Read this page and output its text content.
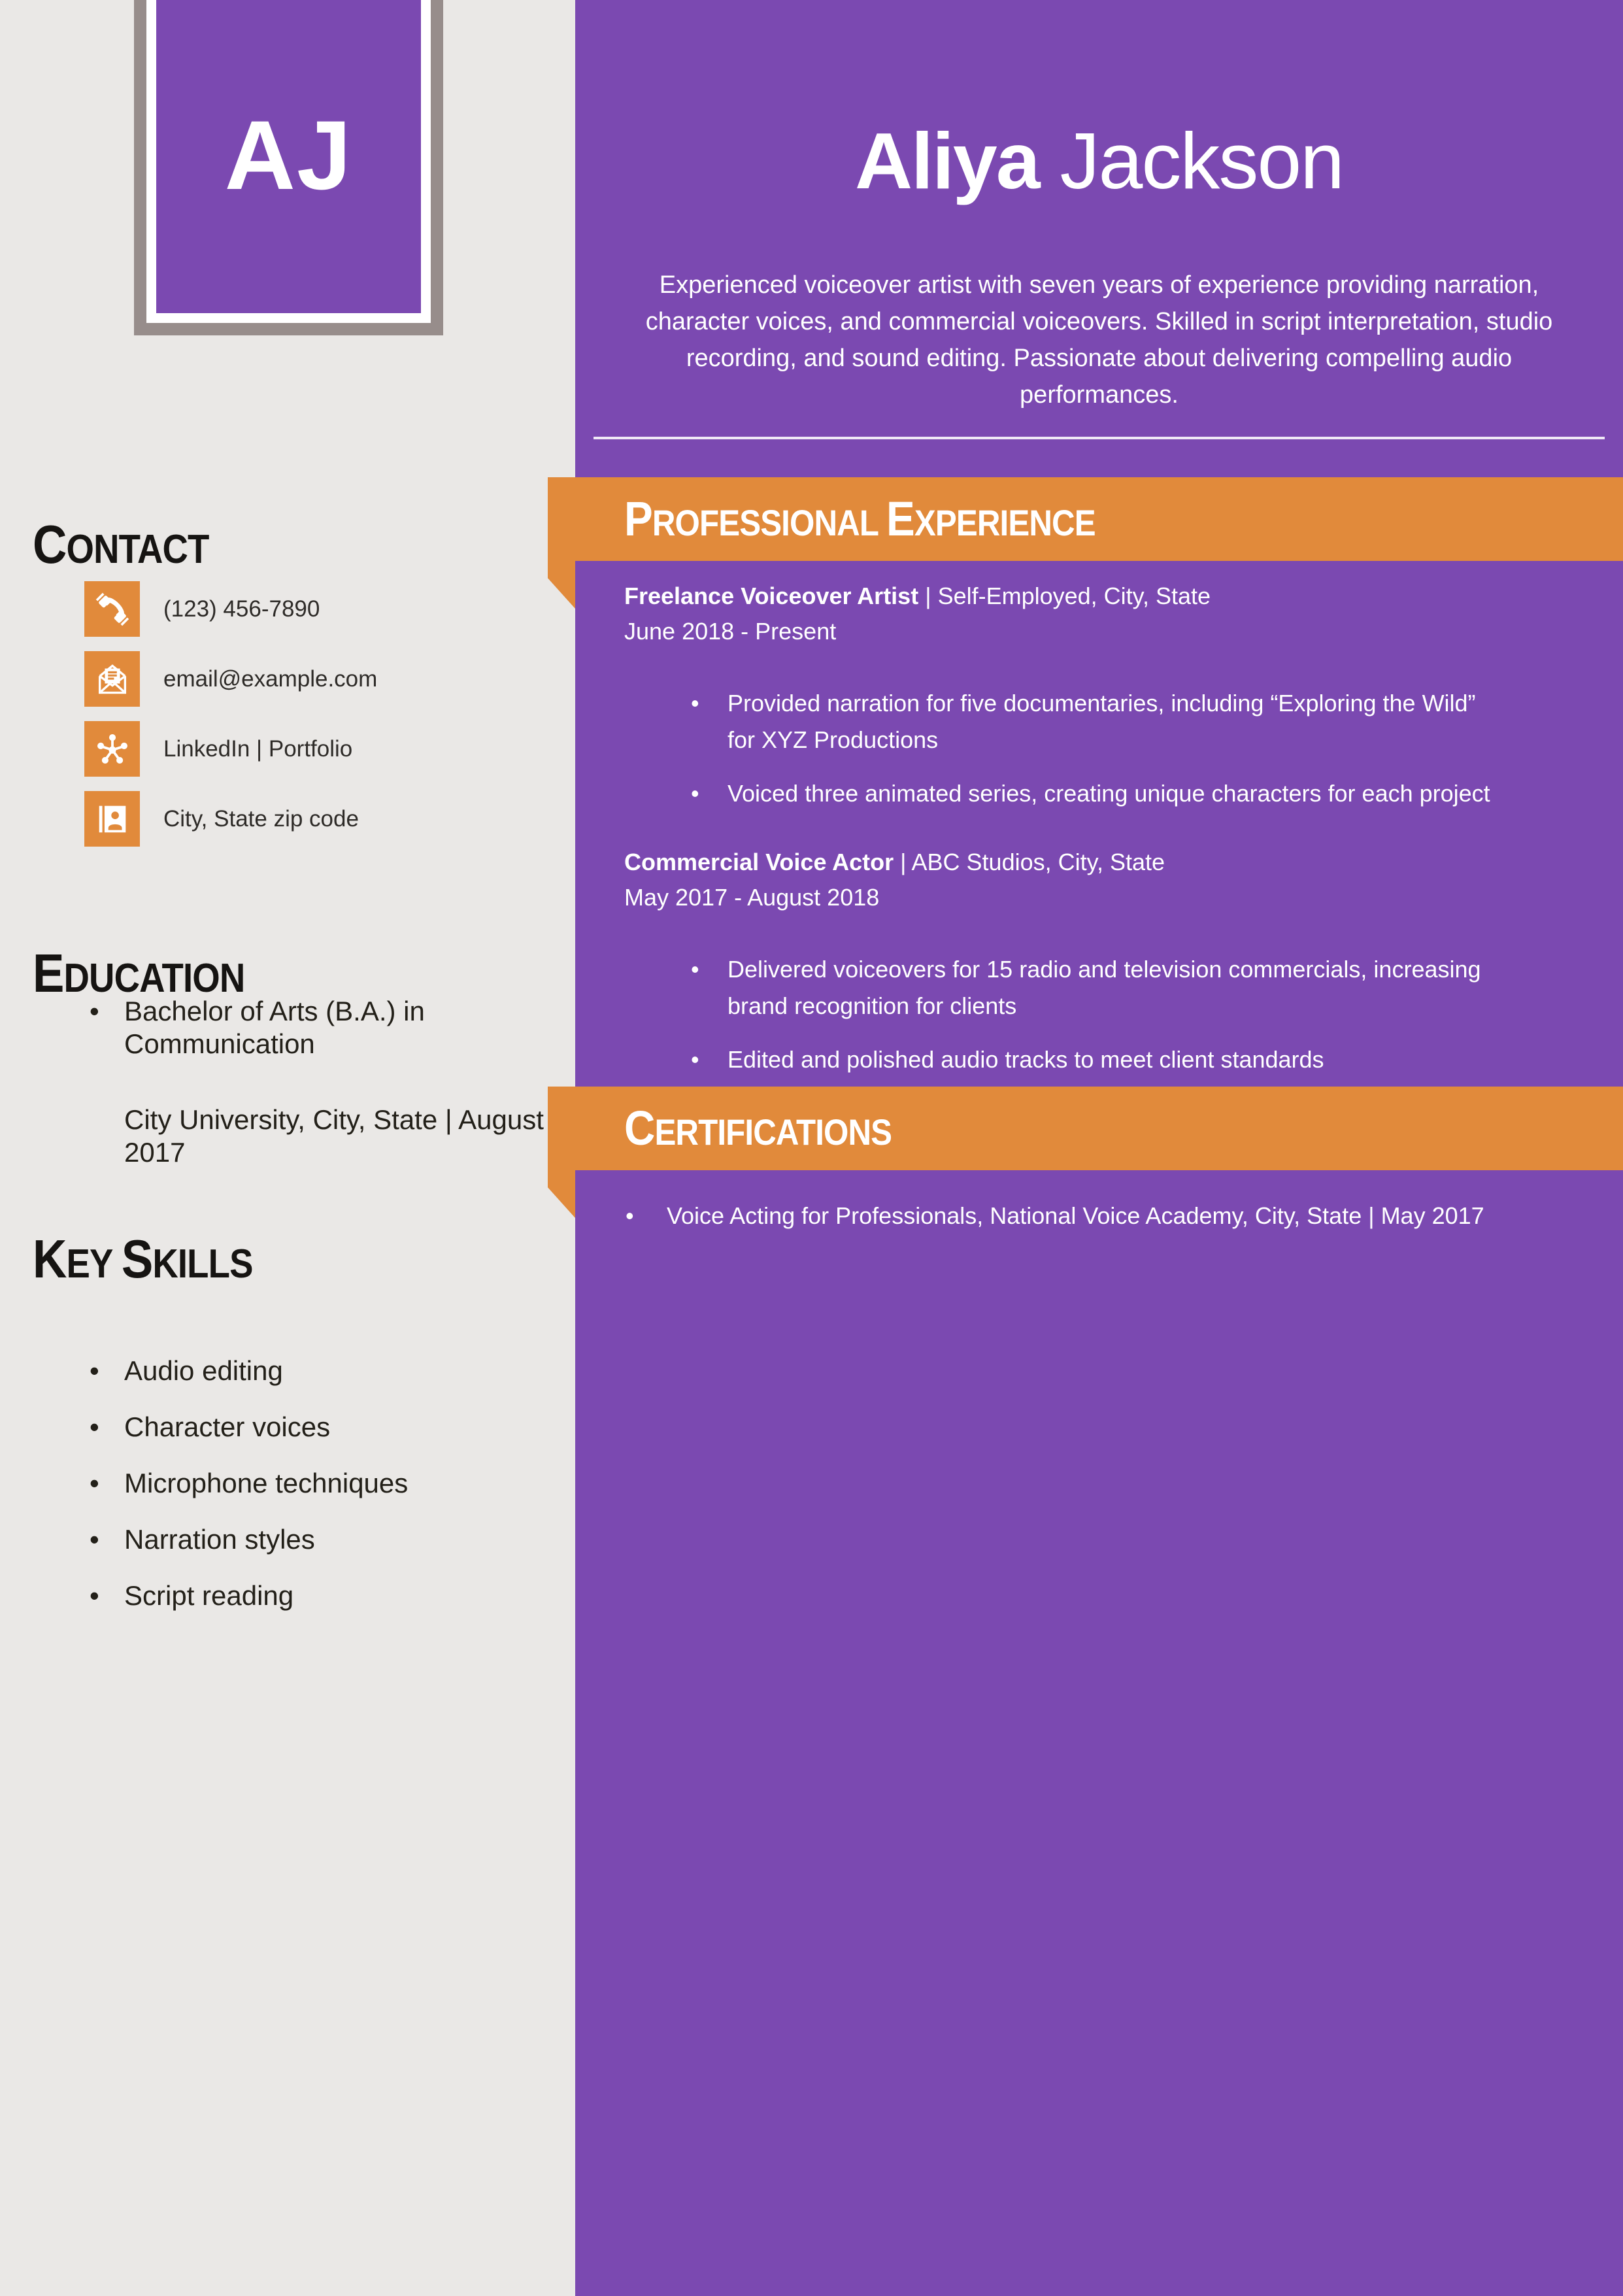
AJ
CONTACT
(123) 456-7890
email@example.com
LinkedIn | Portfolio
City, State zip code
EDUCATION
• Bachelor of Arts (B.A.) in Communication

City University, City, State | August 2017

KEY SKILLS
• Audio editing
• Character voices
• Microphone techniques
• Narration styles
• Script reading
Aliya Jackson

Experienced voiceover artist with seven years of experience providing narration, character voices, and commercial voiceovers. Skilled in script interpretation, studio recording, and sound editing. Passionate about delivering compelling audio performances.

PROFESSIONAL EXPERIENCE

Freelance Voiceover Artist | Self-Employed, City, State

June 2018 - Present

• Provided narration for five documentaries, including “Exploring the Wild” for XYZ Productions
• Voiced three animated series, creating unique characters for each project

Commercial Voice Actor | ABC Studios, City, State

May 2017 - August 2018

• Delivered voiceovers for 15 radio and television commercials, increasing brand recognition for clients
• Edited and polished audio tracks to meet client standards
CERTIFICATIONS
• Voice Acting for Professionals, National Voice Academy, City, State | May 2017
